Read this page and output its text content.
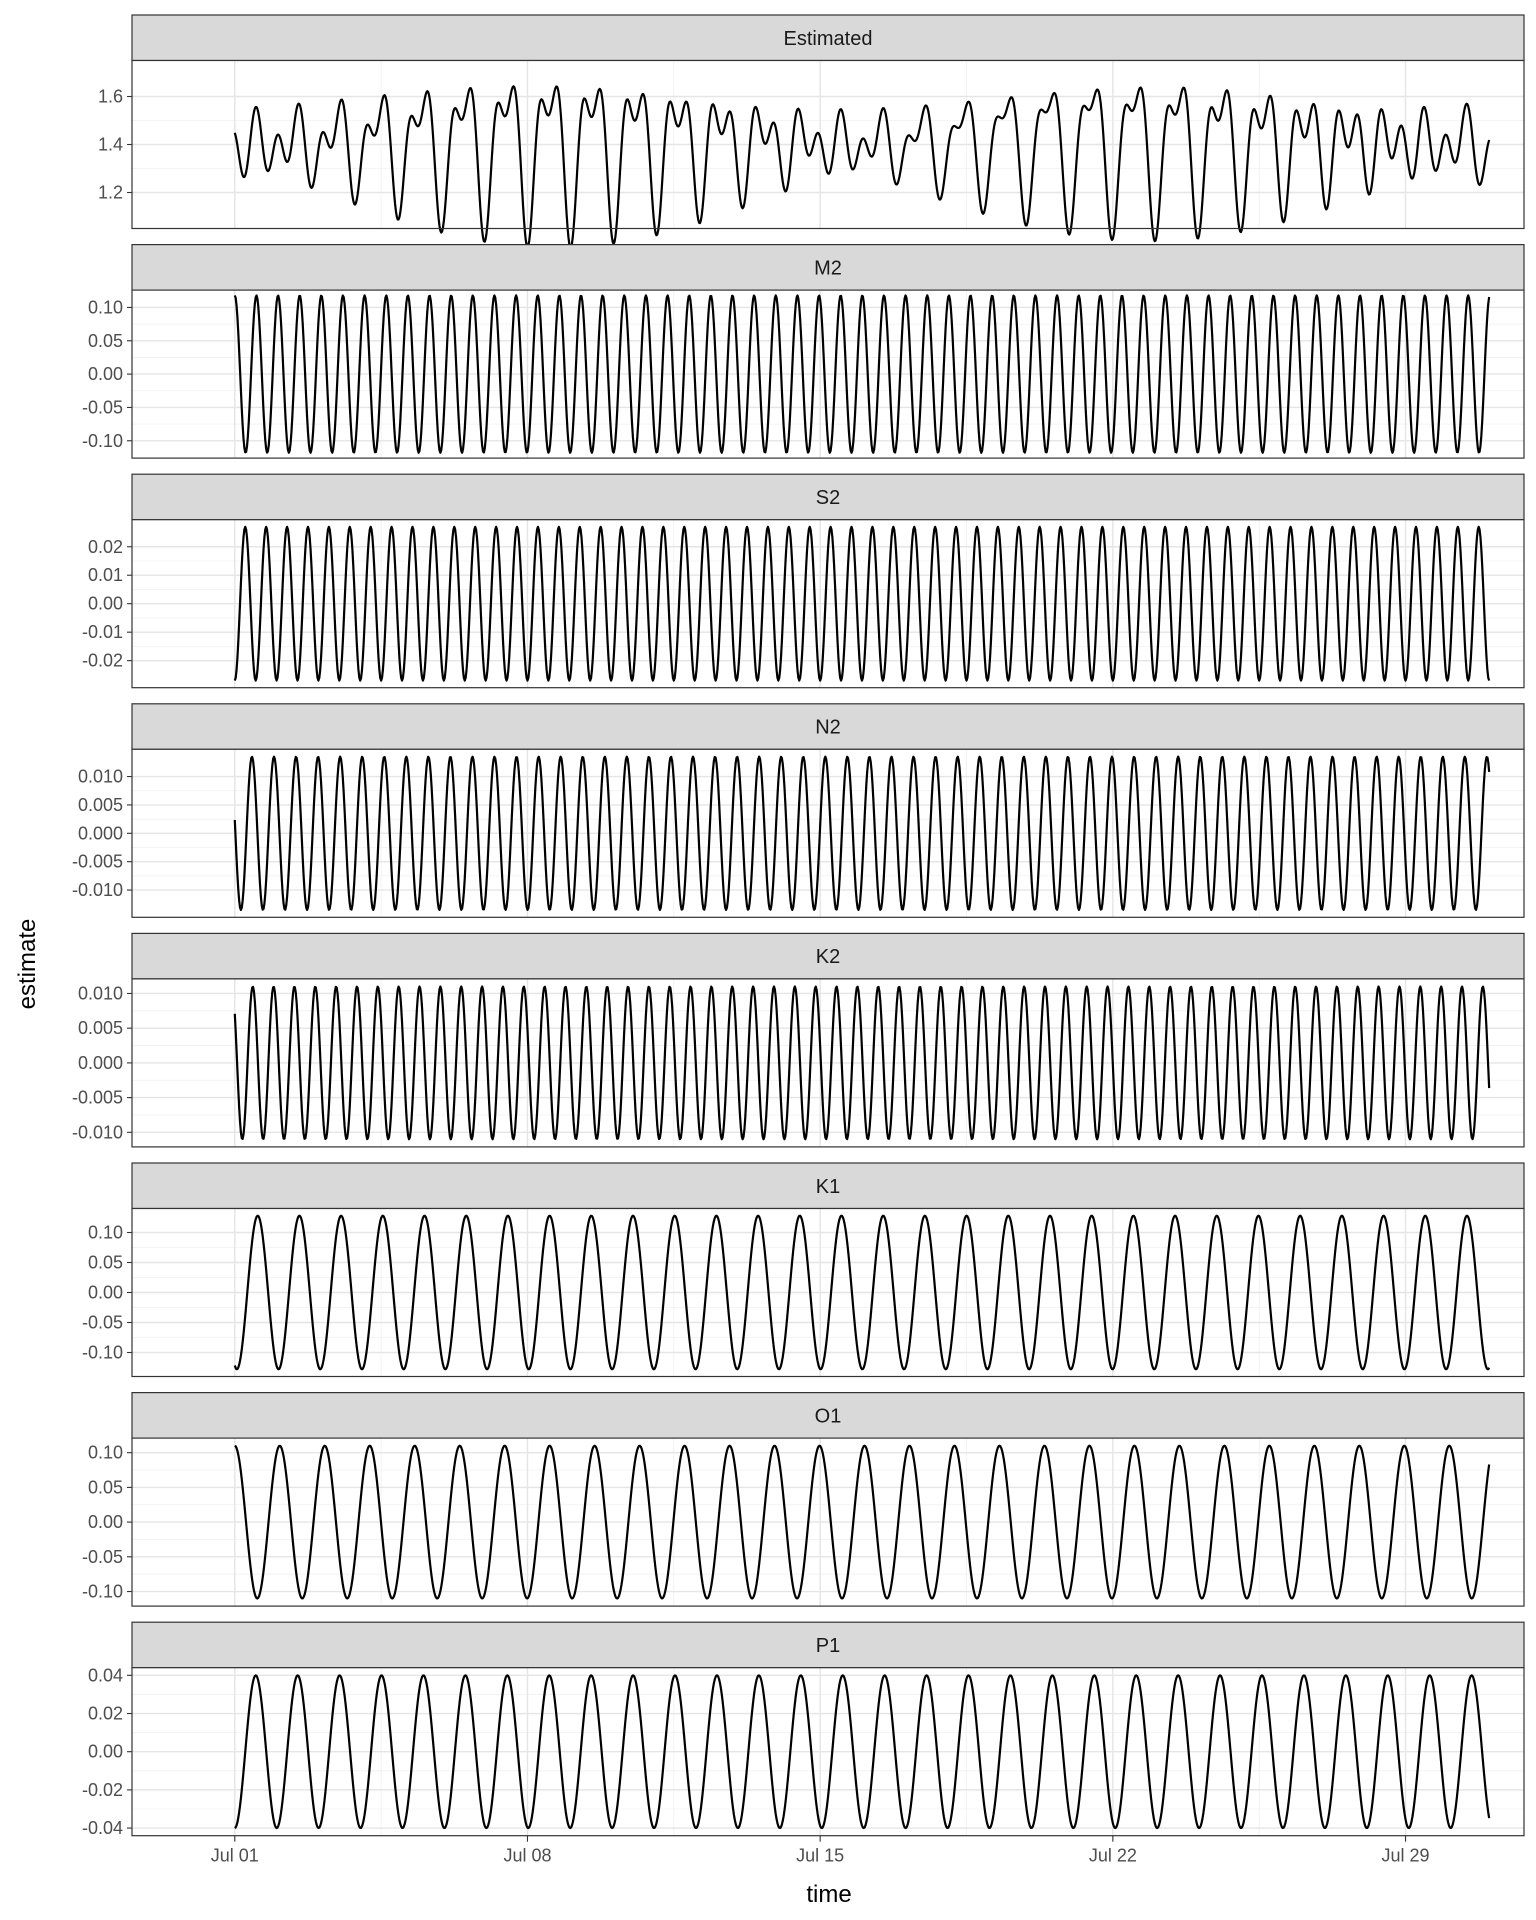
Estimated
1.2
1.4
1.6
M2
-0.10
-0.05
0.00
0.05
0.10
S2
-0.02
-0.01
0.00
0.01
0.02
N2
-0.010
-0.005
0.000
0.005
0.010
K2
-0.010
-0.005
0.000
0.005
0.010
K1
-0.10
-0.05
0.00
0.05
0.10
O1
-0.10
-0.05
0.00
0.05
0.10
P1
-0.04
-0.02
0.00
0.02
0.04
Jul 01	Jul 08	Jul 15	Jul 22	Jul 29
time
estimate
